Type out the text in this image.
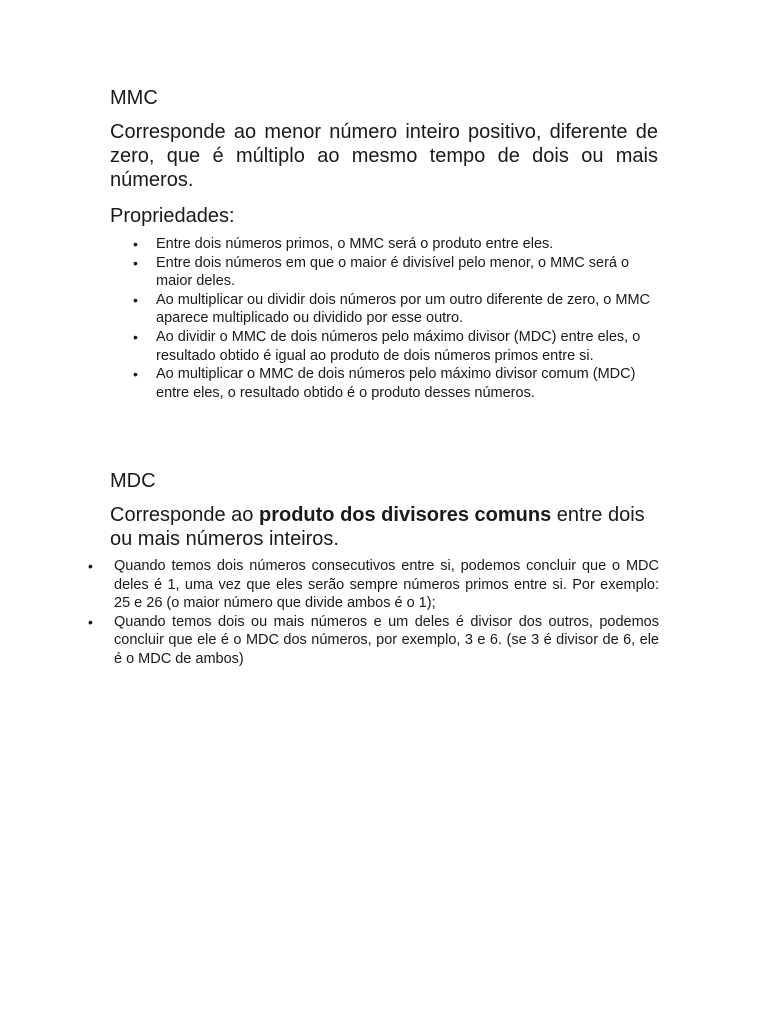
MMC

Corresponde ao menor número inteiro positivo, diferente de zero, que é múltiplo ao mesmo tempo de dois ou mais números.

Propriedades:
• Entre dois números primos, o MMC será o produto entre eles.
• Entre dois números em que o maior é divisível pelo menor, o MMC será o maior deles.
• Ao multiplicar ou dividir dois números por um outro diferente de zero, o MMC aparece multiplicado ou dividido por esse outro.
• Ao dividir o MMC de dois números pelo máximo divisor (MDC) entre eles, o resultado obtido é igual ao produto de dois números primos entre si.
• Ao multiplicar o MMC de dois números pelo máximo divisor comum (MDC) entre eles, o resultado obtido é o produto desses números.
MDC

Corresponde ao produto dos divisores comuns entre dois ou mais números inteiros.

• Quando temos dois números consecutivos entre si, podemos concluir que o MDC deles é 1, uma vez que eles serão sempre números primos entre si. Por exemplo: 25 e 26 (o maior número que divide ambos é o 1);
• Quando temos dois ou mais números e um deles é divisor dos outros, podemos concluir que ele é o MDC dos números, por exemplo, 3 e 6. (se 3 é divisor de 6, ele é o MDC de ambos)
